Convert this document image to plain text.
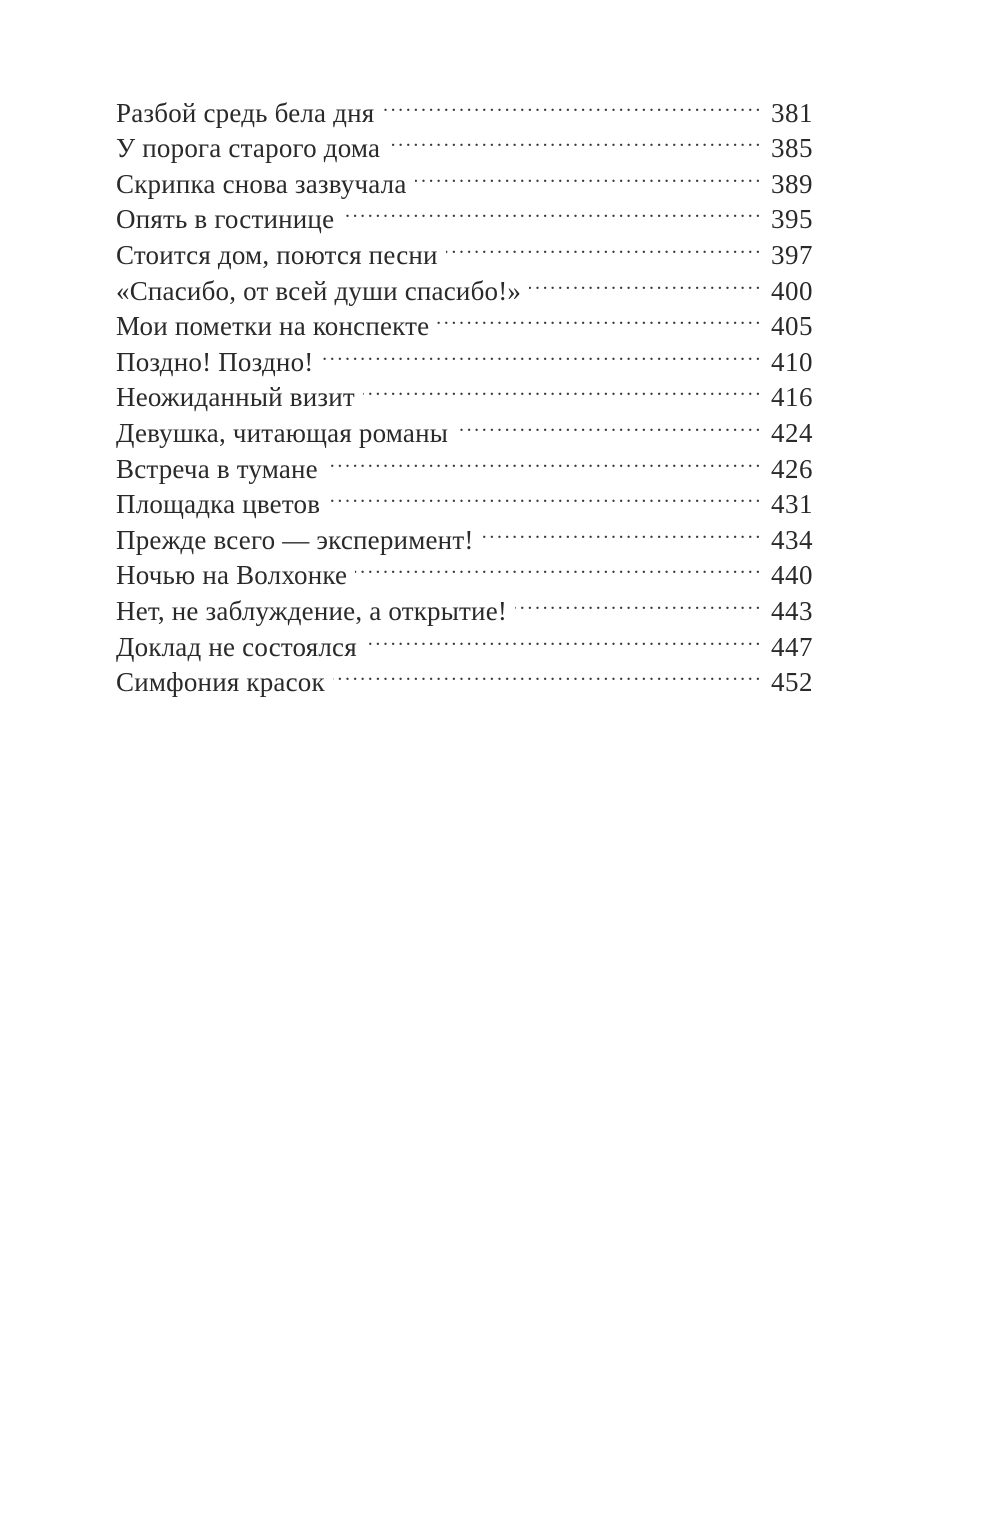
Разбой средь бела дня .....	381
У порога старого дома .....	385
Скрипка снова зазвучала .....	389
Опять в гостинице .....	395
Стоится дом, поются песни .....	397
«Спасибо, от всей души спасибо!» .....	400
Мои пометки на конспекте .....	405
Поздно! Поздно! .....	410
Неожиданный визит .....	416
Девушка, читающая романы .....	424
Встреча в тумане .....	426
Площадка цветов .....	431
Прежде всего — эксперимент! .....	434
Ночью на Волхонке .....	440
Нет, не заблуждение, а открытие! .....	443
Доклад не состоялся .....	447
Симфония красок .....	452
